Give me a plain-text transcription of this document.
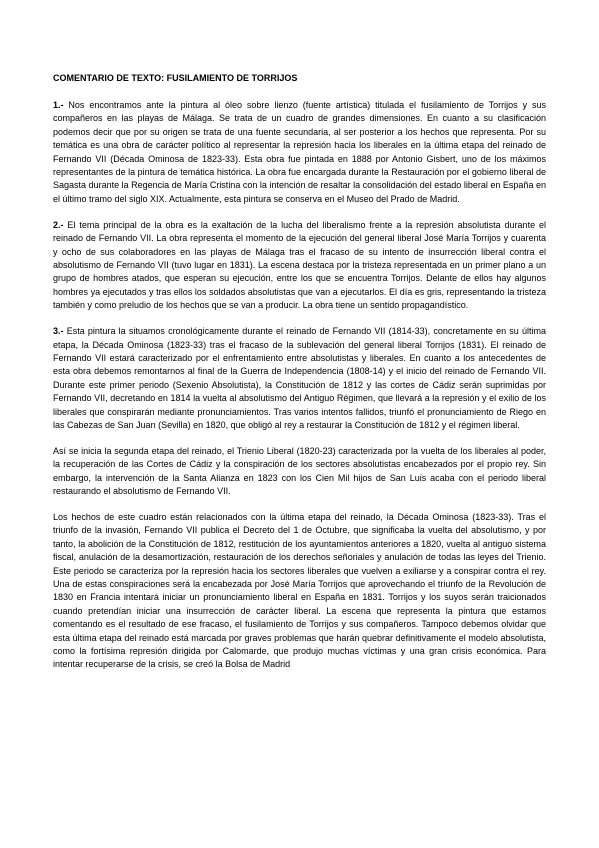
COMENTARIO DE TEXTO: FUSILAMIENTO DE TORRIJOS

1.- Nos encontramos ante la pintura al óleo sobre lienzo (fuente artística) titulada el fusilamiento de Torrijos y sus compañeros en las playas de Málaga. Se trata de un cuadro de grandes dimensiones. En cuanto a su clasificación podemos decir que por su origen se trata de una fuente secundaria, al ser posterior a los hechos que representa. Por su temática es una obra de carácter político al representar la represión hacia los liberales en la última etapa del reinado de Fernando VII (Década Ominosa de 1823-33). Esta obra fue pintada en 1888 por Antonio Gisbert, uno de los máximos representantes de la pintura de temática histórica. La obra fue encargada durante la Restauración por el gobierno liberal de Sagasta durante la Regencia de María Cristina con la intención de resaltar la consolidación del estado liberal en España en el último tramo del siglo XIX. Actualmente, esta pintura se conserva en el Museo del Prado de Madrid.

2.- El tema principal de la obra es la exaltación de la lucha del liberalismo frente a la represión absolutista durante el reinado de Fernando VII. La obra representa el momento de la ejecución del general liberal José María Torrijos y cuarenta y ocho de sus colaboradores en las playas de Málaga tras el fracaso de su intento de insurrección liberal contra el absolutismo de Fernando VII (tuvo lugar en 1831). La escena destaca por la tristeza representada en un primer plano a un grupo de hombres atados, que esperan su ejecución, entre los que se encuentra Torrijos. Delante de ellos hay algunos hombres ya ejecutados y tras ellos los soldados absolutistas que van a ejecutarlos. El día es gris, representando la tristeza también y como preludio de los hechos que se van a producir. La obra tiene un sentido propagandístico.

3.- Esta pintura la situamos cronológicamente durante el reinado de Fernando VII (1814-33), concretamente en su última etapa, la Década Ominosa (1823-33) tras el fracaso de la sublevación del general liberal Torrijos (1831). El reinado de Fernando VII estará caracterizado por el enfrentamiento entre absolutistas y liberales. En cuanto a los antecedentes de esta obra debemos remontarnos al final de la Guerra de Independencia (1808-14) y el inicio del reinado de Fernando VII. Durante este primer periodo (Sexenio Absolutista), la Constitución de 1812 y las cortes de Cádiz serán suprimidas por Fernando VII, decretando en 1814 la vuelta al absolutismo del Antiguo Régimen, que llevará a la represión y el exilio de los liberales que conspirarán mediante pronunciamientos. Tras varios intentos fallidos, triunfó el pronunciamiento de Riego en las Cabezas de San Juan (Sevilla) en 1820, que obligó al rey a restaurar la Constitución de 1812 y el régimen liberal.

Así se inicia la segunda etapa del reinado, el Trienio Liberal (1820-23) caracterizada por la vuelta de los liberales al poder, la recuperación de las Cortes de Cádiz y la conspiración de los sectores absolutistas encabezados por el propio rey. Sin embargo, la intervención de la Santa Alianza en 1823 con los Cien Mil hijos de San Luis acaba con el periodo liberal restaurando el absolutismo de Fernando VII.

Los hechos de este cuadro están relacionados con la última etapa del reinado, la Década Ominosa (1823-33). Tras el triunfo de la invasión, Fernando VII publica el Decreto del 1 de Octubre, que significaba la vuelta del absolutismo, y por tanto, la abolición de la Constitución de 1812, restitución de los ayuntamientos anteriores a 1820, vuelta al antiguo sistema fiscal, anulación de la desamortización, restauración de los derechos señoriales y anulación de todas las leyes del Trienio. Este periodo se caracteriza por la represión hacia los sectores liberales que vuelven a exiliarse y a conspirar contra el rey. Una de estas conspiraciones será la encabezada por José María Torrijos que aprovechando el triunfo de la Revolución de 1830 en Francia intentará iniciar un pronunciamiento liberal en España en 1831. Torrijos y los suyos serán traicionados cuando pretendían iniciar una insurrección de carácter liberal. La escena que representa la pintura que estamos comentando es el resultado de ese fracaso, el fusilamiento de Torrijos y sus compañeros. Tampoco debemos olvidar que esta última etapa del reinado está marcada por graves problemas que harán quebrar definitivamente el modelo absolutista, como la fortísima represión dirigida por Calomarde, que produjo muchas víctimas y una gran crisis económica. Para intentar recuperarse de la crisis, se creó la Bolsa de Madrid
